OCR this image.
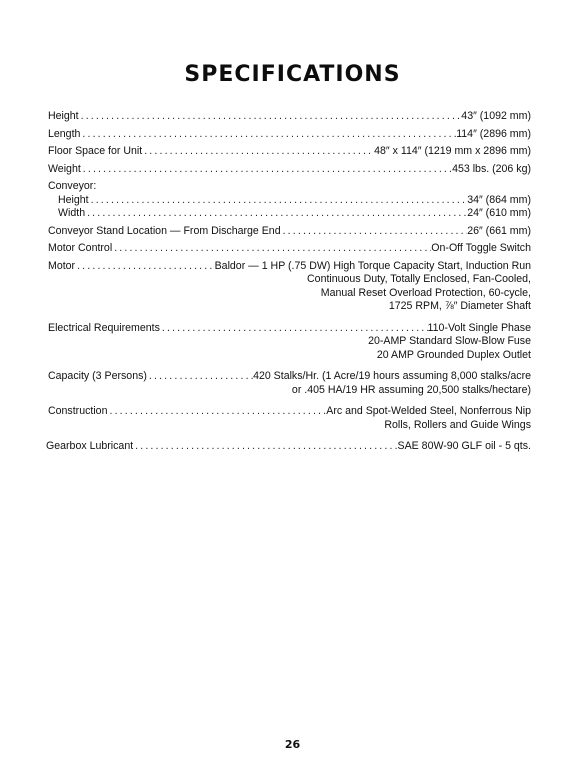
SPECIFICATIONS
Height . . .	43″ (1092 mm)
Length . . .	114″ (2896 mm)
Floor Space for Unit . . .	48″ x 114″ (1219 mm x 2896 mm)
Weight . . .	453 lbs. (206 kg)
Conveyor:
Height . . .	34″ (864 mm)
Width . . .	24″ (610 mm)
Conveyor Stand Location — From Discharge End . . .	26″ (661 mm)
Motor Control . . .	On-Off Toggle Switch
Motor . . .	Baldor — 1 HP (.75 DW) High Torque Capacity Start, Induction Run
Continuous Duty, Totally Enclosed, Fan-Cooled,
Manual Reset Overload Protection, 60-cycle,
1725 RPM, ⅞″ Diameter Shaft
Electrical Requirements . . .	110-Volt Single Phase
20-AMP Standard Slow-Blow Fuse
20 AMP Grounded Duplex Outlet
Capacity (3 Persons) . . .	420 Stalks/Hr. (1 Acre/19 hours assuming 8,000 stalks/acre
or .405 HA/19 HR assuming 20,500 stalks/hectare)
Construction . . .	Arc and Spot-Welded Steel, Nonferrous Nip
Rolls, Rollers and Guide Wings
Gearbox Lubricant . . .	SAE 80W-90 GLF oil - 5 qts.
26
